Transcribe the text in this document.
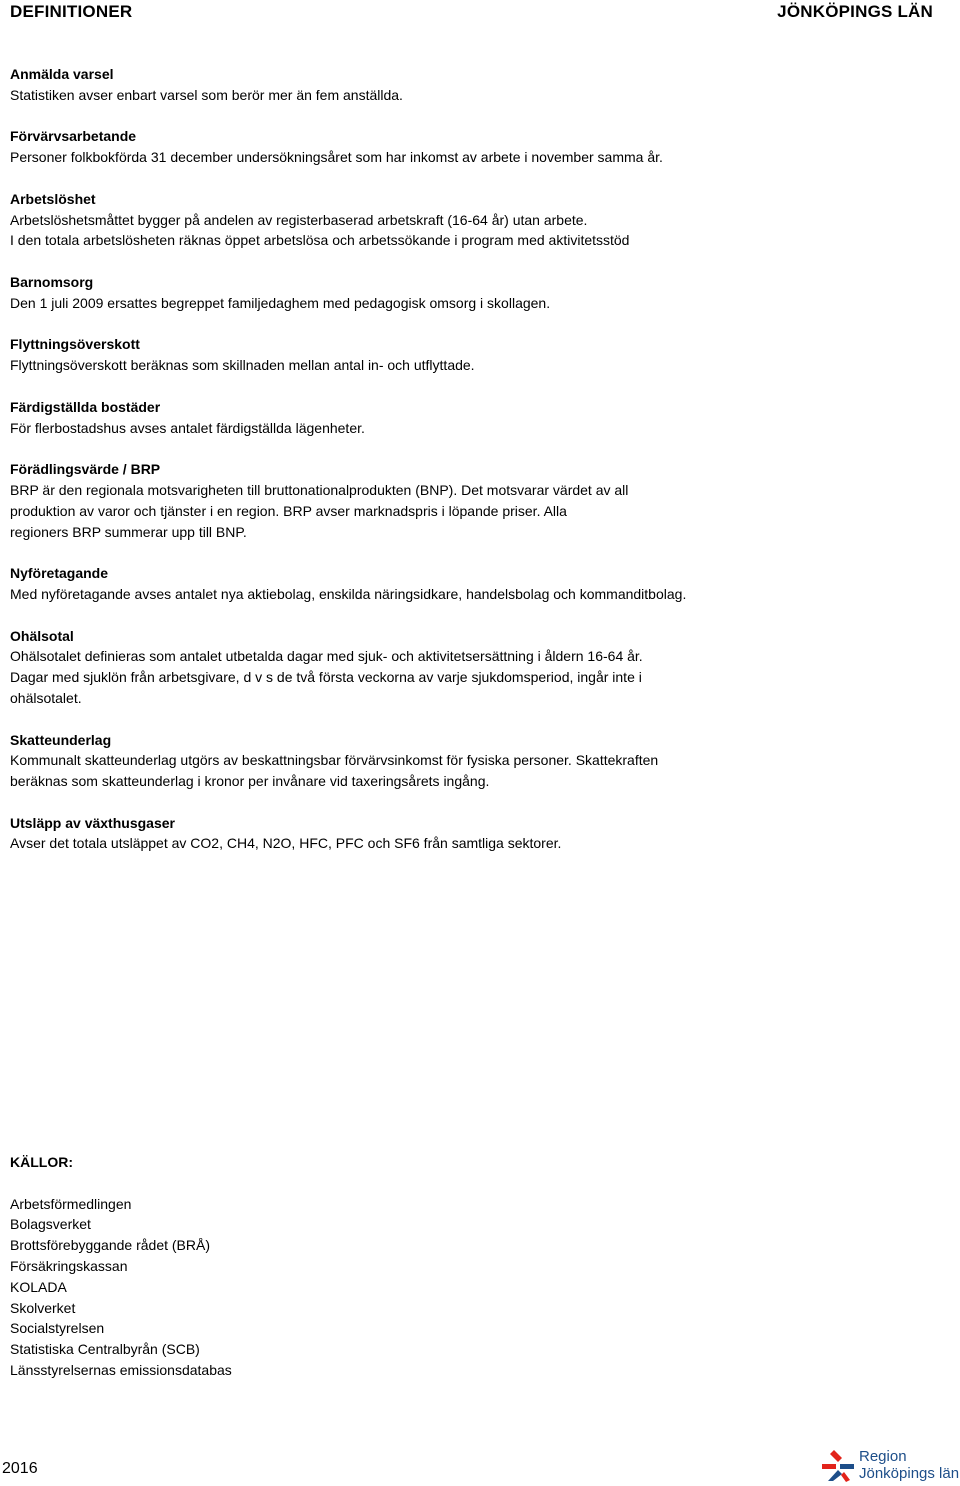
DEFINITIONER	JÖNKÖPINGS LÄN
Anmälda varsel
Statistiken avser enbart varsel som berör mer än fem anställda.
Förvärvsarbetande
Personer folkbokförda 31 december undersökningsåret som har inkomst av arbete i november samma år.
Arbetslöshet
Arbetslöshetsmåttet bygger på andelen av registerbaserad arbetskraft (16-64 år) utan arbete.
I den totala arbetslösheten räknas öppet arbetslösa och arbetssökande i program med aktivitetsstöd
Barnomsorg
Den 1 juli 2009 ersattes begreppet familjedaghem med pedagogisk omsorg i skollagen.
Flyttningsöverskott
Flyttningsöverskott beräknas som skillnaden mellan antal in- och utflyttade.
Färdigställda bostäder
För flerbostadshus avses antalet färdigställda lägenheter.
Förädlingsvärde / BRP
BRP är den regionala motsvarigheten till bruttonationalprodukten (BNP). Det motsvarar värdet av all
produktion av varor och tjänster i en region. BRP avser marknadspris i löpande priser. Alla
regioners BRP summerar upp till BNP.
Nyföretagande
Med nyföretagande avses antalet nya aktiebolag, enskilda näringsidkare, handelsbolag och kommanditbolag.
Ohälsotal
Ohälsotalet definieras som antalet utbetalda dagar med sjuk- och aktivitetsersättning i åldern 16-64 år.
Dagar med sjuklön från arbetsgivare, d v s de två första veckorna av varje sjukdomsperiod, ingår inte i
ohälsotalet.
Skatteunderlag
Kommunalt skatteunderlag utgörs av beskattningsbar förvärvsinkomst för fysiska personer. Skattekraften
beräknas som skatteunderlag i kronor per invånare vid taxeringsårets ingång.
Utsläpp av växthusgaser
Avser det totala utsläppet av CO2, CH4, N2O, HFC, PFC och SF6 från samtliga sektorer.
KÄLLOR:
Arbetsförmedlingen
Bolagsverket
Brottsförebyggande rådet (BRÅ)
Försäkringskassan
KOLADA
Skolverket
Socialstyrelsen
Statistiska Centralbyrån (SCB)
Länsstyrelsernas emissionsdatabas
2016
Region
Jönköpings län
